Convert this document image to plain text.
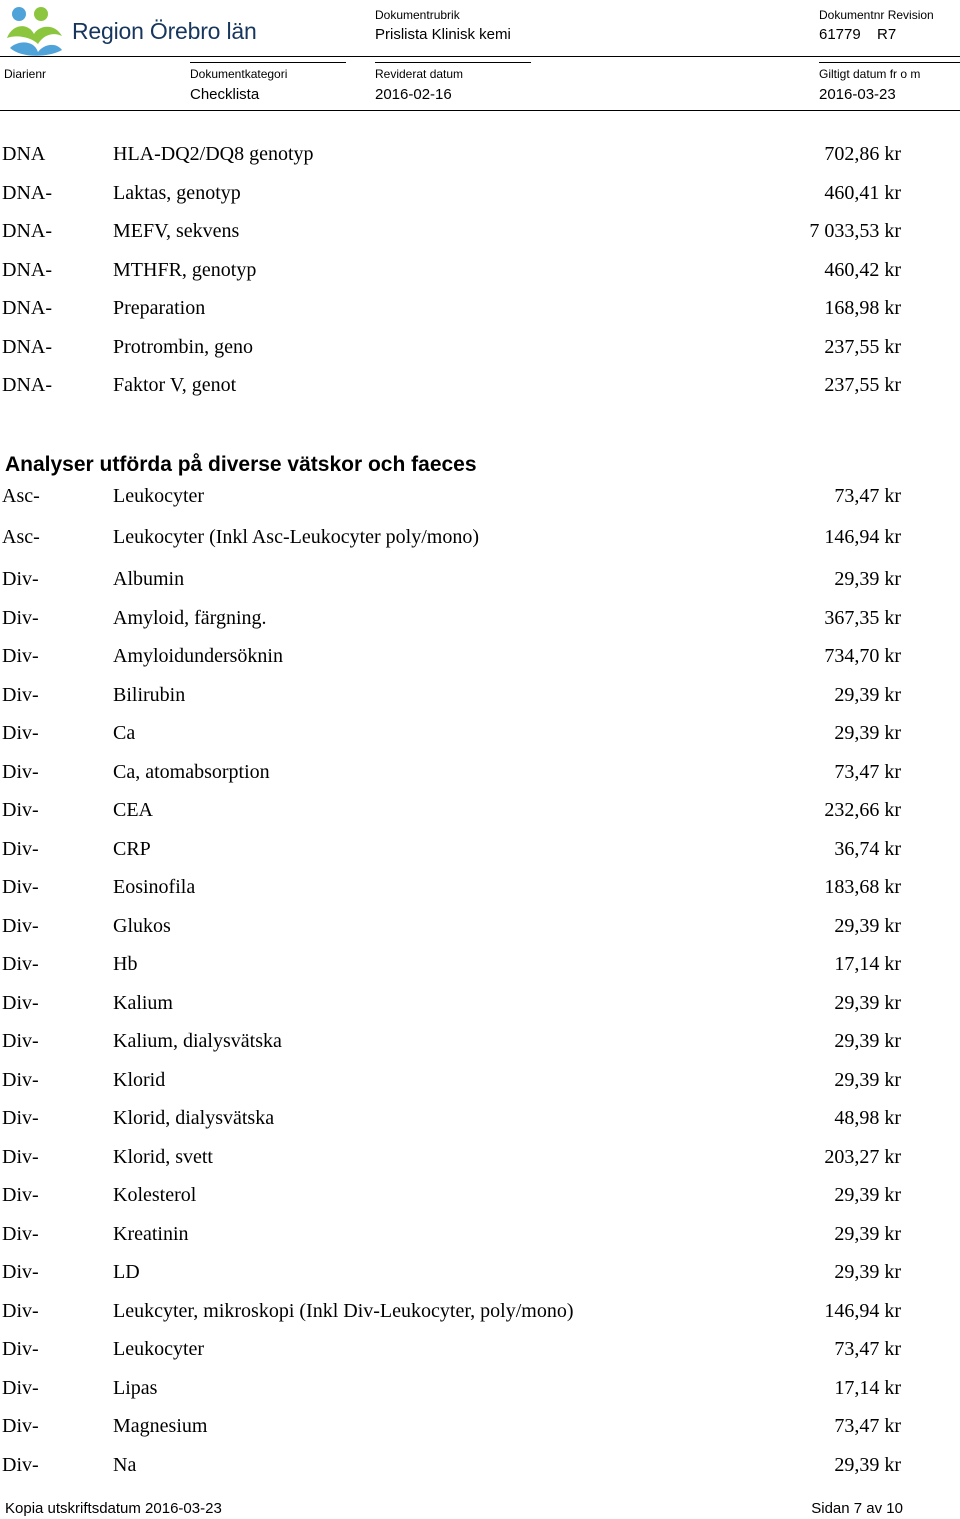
Region Örebro län
Dokumentrubrik
Prislista Klinisk kemi
Dokumentnr Revision
61779 R7
Diarienr	Dokumentkategori
Checklista
Reviderat datum
2016-02-16
Giltigt datum fr o m
2016-03-23
DNA	HLA-DQ2/DQ8 genotyp	702,86 kr
DNA-	Laktas, genotyp	460,41 kr
DNA-	MEFV, sekvens	7 033,53 kr
DNA-	MTHFR, genotyp	460,42 kr
DNA-	Preparation	168,98 kr
DNA-	Protrombin, geno	237,55 kr
DNA-	Faktor V, genot	237,55 kr
Analyser utförda på diverse vätskor och faeces
Asc-	Leukocyter	73,47 kr
Asc-	Leukocyter (Inkl Asc-Leukocyter poly/mono)	146,94 kr
Div-	Albumin	29,39 kr
Div-	Amyloid, färgning.	367,35 kr
Div-	Amyloidundersöknin	734,70 kr
Div-	Bilirubin	29,39 kr
Div-	Ca	29,39 kr
Div-	Ca, atomabsorption	73,47 kr
Div-	CEA	232,66 kr
Div-	CRP	36,74 kr
Div-	Eosinofila	183,68 kr
Div-	Glukos	29,39 kr
Div-	Hb	17,14 kr
Div-	Kalium	29,39 kr
Div-	Kalium, dialysvätska	29,39 kr
Div-	Klorid	29,39 kr
Div-	Klorid, dialysvätska	48,98 kr
Div-	Klorid, svett	203,27 kr
Div-	Kolesterol	29,39 kr
Div-	Kreatinin	29,39 kr
Div-	LD	29,39 kr
Div-	Leukcyter, mikroskopi (Inkl Div-Leukocyter, poly/mono)	146,94 kr
Div-	Leukocyter	73,47 kr
Div-	Lipas	17,14 kr
Div-	Magnesium	73,47 kr
Div-	Na	29,39 kr
Kopia utskriftsdatum 2016-03-23	Sidan 7 av 10
